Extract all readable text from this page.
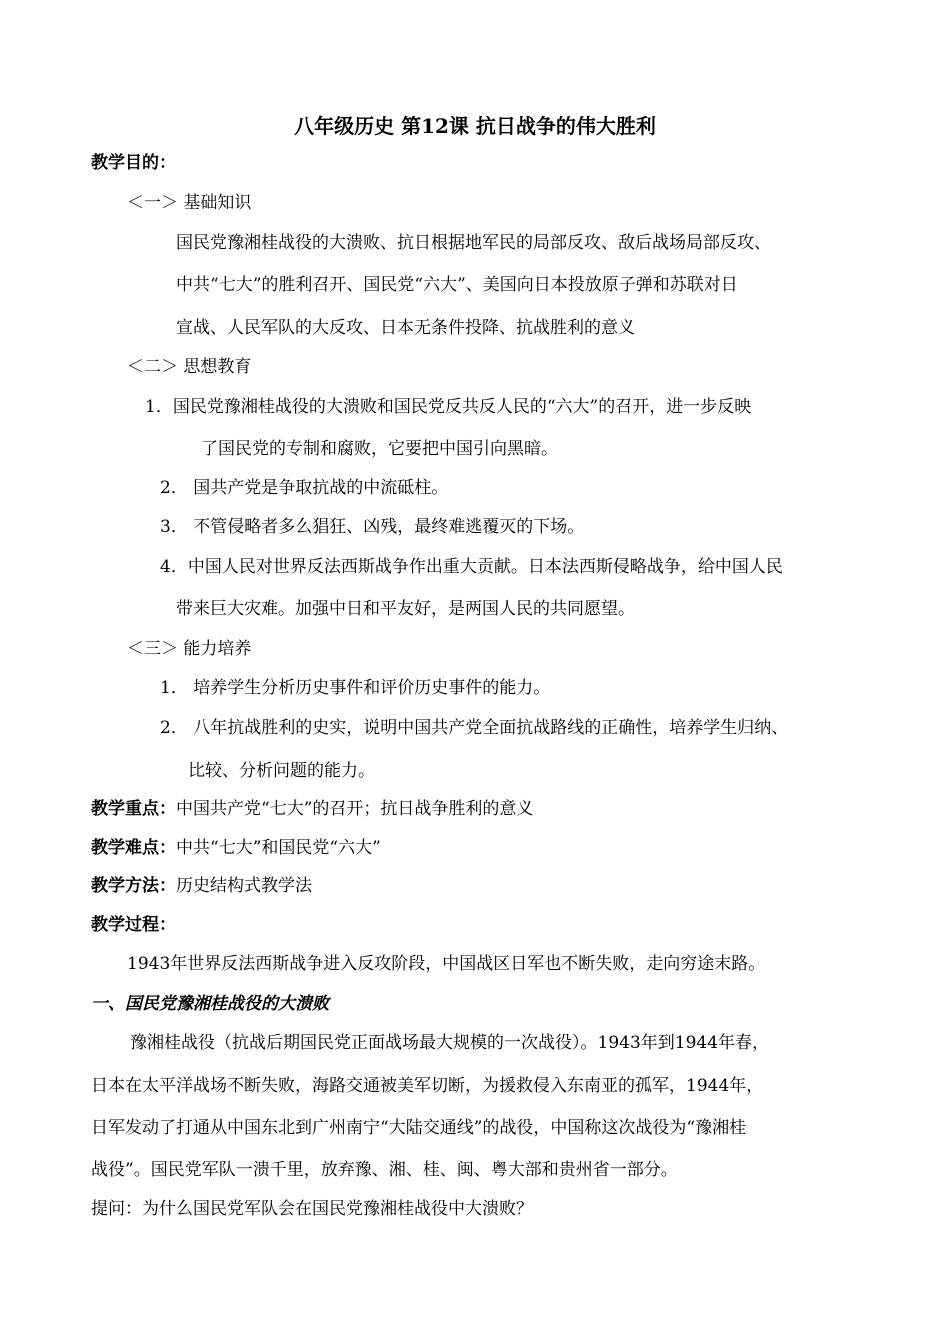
八年级历史 第12课 抗日战争的伟大胜利
教学目的：
＜一＞ 基础知识
国民党豫湘桂战役的大溃败、抗日根据地军民的局部反攻、敌后战场局部反攻、
中共“七大”的胜利召开、国民党“六大”、美国向日本投放原子弹和苏联对日
宣战、人民军队的大反攻、日本无条件投降、抗战胜利的意义
＜二＞ 思想教育
1．国民党豫湘桂战役的大溃败和国民党反共反人民的“六大”的召开，进一步反映
了国民党的专制和腐败，它要把中国引向黑暗。
2． 国共产党是争取抗战的中流砥柱。
3． 不管侵略者多么猖狂、凶残，最终难逃覆灭的下场。
4．中国人民对世界反法西斯战争作出重大贡献。日本法西斯侵略战争，给中国人民
带来巨大灾难。加强中日和平友好，是两国人民的共同愿望。
＜三＞ 能力培养
1． 培养学生分析历史事件和评价历史事件的能力。
2． 八年抗战胜利的史实，说明中国共产党全面抗战路线的正确性，培养学生归纳、
比较、分析问题的能力。
教学重点：中国共产党“七大”的召开；抗日战争胜利的意义
教学难点：中共“七大”和国民党“六大”
教学方法：历史结构式教学法
教学过程：
1943年世界反法西斯战争进入反攻阶段，中国战区日军也不断失败，走向穷途末路。
一、国民党豫湘桂战役的大溃败
豫湘桂战役（抗战后期国民党正面战场最大规模的一次战役）。1943年到1944年春，
日本在太平洋战场不断失败，海路交通被美军切断，为援救侵入东南亚的孤军，1944年，
日军发动了打通从中国东北到广州南宁“大陆交通线”的战役，中国称这次战役为“豫湘桂
战役”。国民党军队一溃千里，放弃豫、湘、桂、闽、粤大部和贵州省一部分。
提问：为什么国民党军队会在国民党豫湘桂战役中大溃败？
